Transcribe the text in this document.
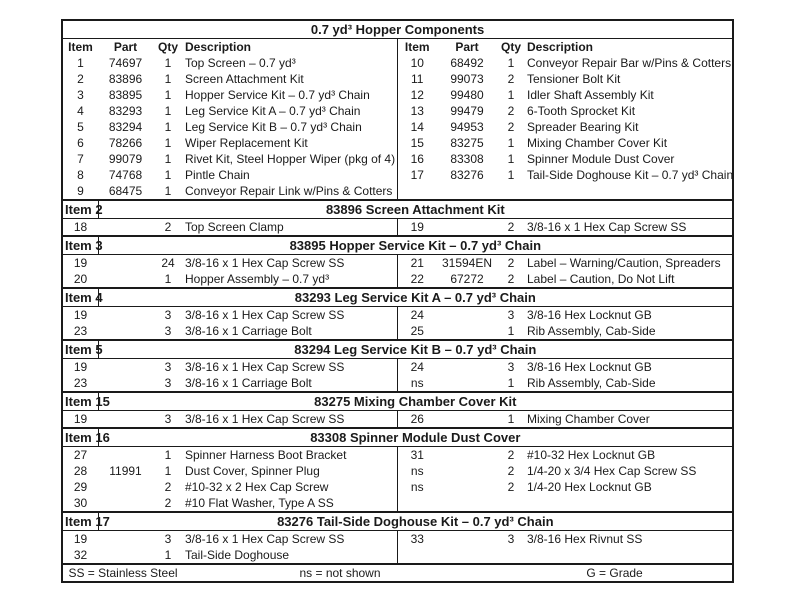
0.7 yd³ Hopper Components							
Item	Part	Qty	Description	Item	Part	Qty	Description
1	74697	1	Top Screen – 0.7 yd³	10	68492	1	Conveyor Repair Bar w/Pins & Cotters
2	83896	1	Screen Attachment Kit	11	99073	2	Tensioner Bolt Kit
3	83895	1	Hopper Service Kit – 0.7 yd³ Chain	12	99480	1	Idler Shaft Assembly Kit
4	83293	1	Leg Service Kit A – 0.7 yd³ Chain	13	99479	2	6-Tooth Sprocket Kit
5	83294	1	Leg Service Kit B – 0.7 yd³ Chain	14	94953	2	Spreader Bearing Kit
6	78266	1	Wiper Replacement Kit	15	83275	1	Mixing Chamber Cover Kit
7	99079	1	Rivet Kit, Steel Hopper Wiper (pkg of 4)	16	83308	1	Spinner Module Dust Cover
8	74768	1	Pintle Chain	17	83276	1	Tail-Side Doghouse Kit – 0.7 yd³ Chain
9	68475	1	Conveyor Repair Link w/Pins & Cotters				
Item 2	83896 Screen Attachment Kit						
18		2	Top Screen Clamp	19		2	3/8-16 x 1 Hex Cap Screw SS
Item 3	83895 Hopper Service Kit – 0.7 yd³ Chain						
19		24	3/8-16 x 1 Hex Cap Screw SS	21	31594EN	2	Label – Warning/Caution, Spreaders
20		1	Hopper Assembly – 0.7 yd³	22	67272	2	Label – Caution, Do Not Lift
Item 4	83293 Leg Service Kit A – 0.7 yd³ Chain						
19		3	3/8-16 x 1 Hex Cap Screw SS	24		3	3/8-16 Hex Locknut GB
23		3	3/8-16 x 1 Carriage Bolt	25		1	Rib Assembly, Cab-Side
Item 5	83294 Leg Service Kit B – 0.7 yd³ Chain						
19		3	3/8-16 x 1 Hex Cap Screw SS	24		3	3/8-16 Hex Locknut GB
23		3	3/8-16 x 1 Carriage Bolt	ns		1	Rib Assembly, Cab-Side
Item 15	83275 Mixing Chamber Cover Kit						
19		3	3/8-16 x 1 Hex Cap Screw SS	26		1	Mixing Chamber Cover
Item 16	83308 Spinner Module Dust Cover						
27		1	Spinner Harness Boot Bracket	31		2	#10-32 Hex Locknut GB
28	11991	1	Dust Cover, Spinner Plug	ns		2	1/4-20 x 3/4 Hex Cap Screw SS
29		2	#10-32 x 2 Hex Cap Screw	ns		2	1/4-20 Hex Locknut GB
30		2	#10 Flat Washer, Type A SS				
Item 17	83276 Tail-Side Doghouse Kit – 0.7 yd³ Chain						
19		3	3/8-16 x 1 Hex Cap Screw SS	33		3	3/8-16 Hex Rivnut SS
32		1	Tail-Side Doghouse				
SS = Stainless Steel			ns = not shown			G = Grade	
